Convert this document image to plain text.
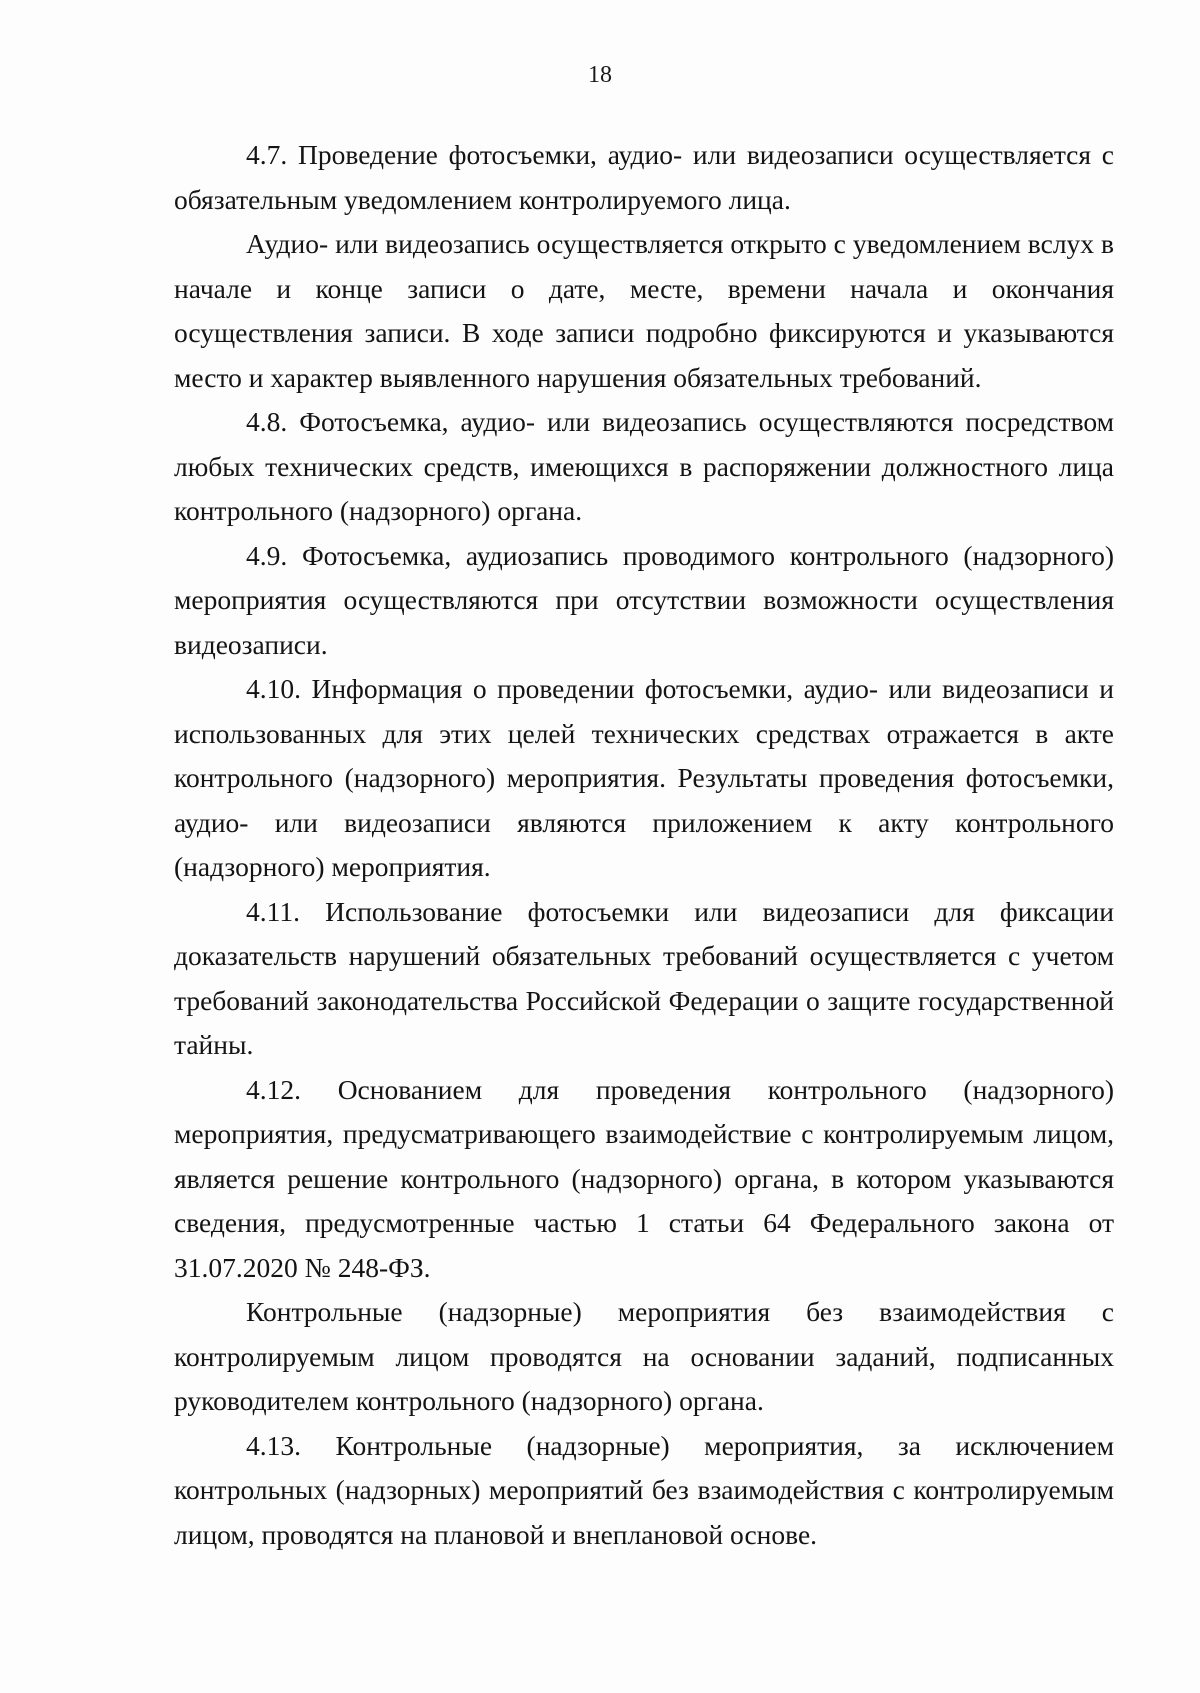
18

4.7. Проведение фотосъемки, аудио- или видеозаписи осуществляется с обязательным уведомлением контролируемого лица.

Аудио- или видеозапись осуществляется открыто с уведомлением вслух в начале и конце записи о дате, месте, времени начала и окончания осуществления записи. В ходе записи подробно фиксируются и указываются место и характер выявленного нарушения обязательных требований.

4.8. Фотосъемка, аудио- или видеозапись осуществляются посредством любых технических средств, имеющихся в распоряжении должностного лица контрольного (надзорного) органа.

4.9. Фотосъемка, аудиозапись проводимого контрольного (надзорного) мероприятия осуществляются при отсутствии возможности осуществления видеозаписи.

4.10. Информация о проведении фотосъемки, аудио- или видеозаписи и использованных для этих целей технических средствах отражается в акте контрольного (надзорного) мероприятия. Результаты проведения фотосъемки, аудио- или видеозаписи являются приложением к акту контрольного (надзорного) мероприятия.

4.11. Использование фотосъемки или видеозаписи для фиксации доказательств нарушений обязательных требований осуществляется с учетом требований законодательства Российской Федерации о защите государственной тайны.

4.12. Основанием для проведения контрольного (надзорного) мероприятия, предусматривающего взаимодействие с контролируемым лицом, является решение контрольного (надзорного) органа, в котором указываются сведения, предусмотренные частью 1 статьи 64 Федерального закона от 31.07.2020 № 248-ФЗ.

Контрольные (надзорные) мероприятия без взаимодействия с контролируемым лицом проводятся на основании заданий, подписанных руководителем контрольного (надзорного) органа.

4.13. Контрольные (надзорные) мероприятия, за исключением контрольных (надзорных) мероприятий без взаимодействия с контролируемым лицом, проводятся на плановой и внеплановой основе.
